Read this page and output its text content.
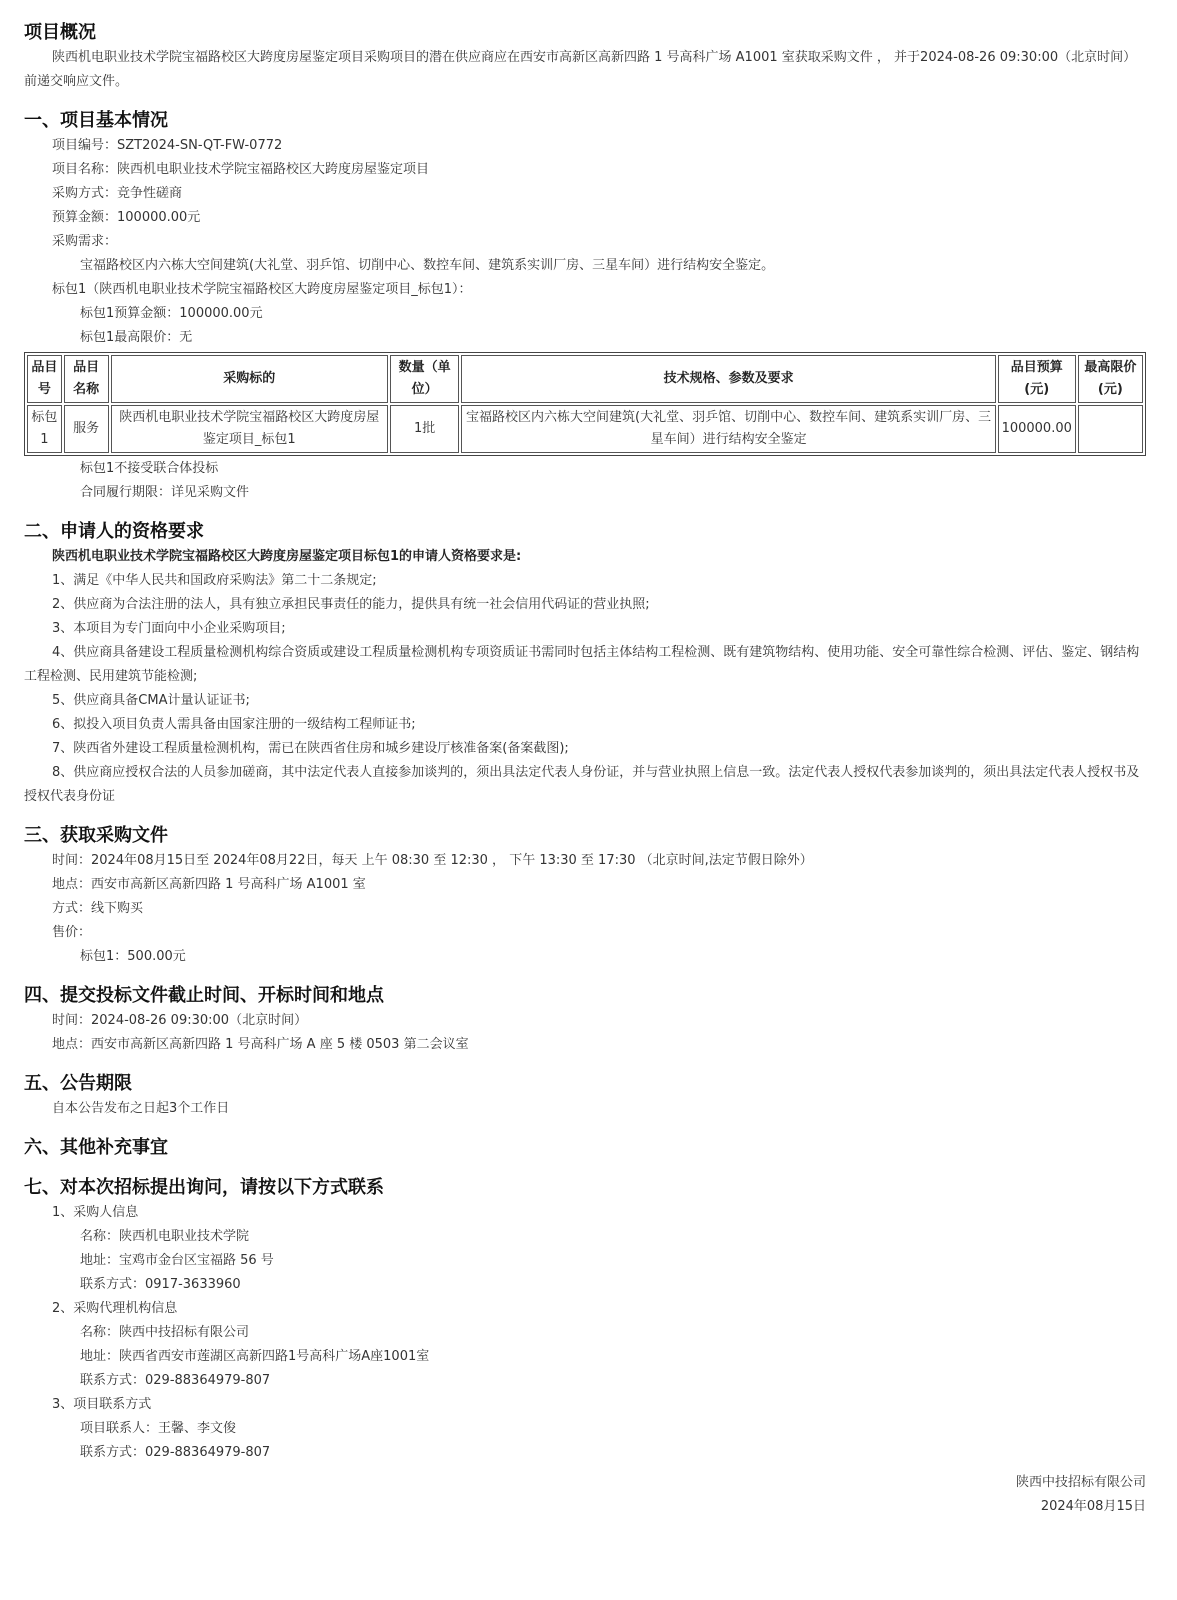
项目概况

陕西机电职业技术学院宝福路校区大跨度房屋鉴定项目采购项目的潜在供应商应在西安市高新区高新四路 1 号高科广场 A1001 室获取采购文件 ， 并于2024-08-26 09:30:00（北京时间）前递交响应文件。

一、项目基本情况

项目编号：SZT2024-SN-QT-FW-0772

项目名称：陕西机电职业技术学院宝福路校区大跨度房屋鉴定项目

采购方式：竞争性磋商

预算金额：100000.00元

采购需求：

宝福路校区内六栋大空间建筑(大礼堂、羽乒馆、切削中心、数控车间、建筑系实训厂房、三星车间）进行结构安全鉴定。

标包1（陕西机电职业技术学院宝福路校区大跨度房屋鉴定项目_标包1）：

标包1预算金额：100000.00元

标包1最高限价：无

品目号	品目名称	采购标的	数量（单位）	技术规格、参数及要求	品目预算(元)	最高限价(元)
标包1	服务	陕西机电职业技术学院宝福路校区大跨度房屋鉴定项目_标包1	1批	宝福路校区内六栋大空间建筑(大礼堂、羽乒馆、切削中心、数控车间、建筑系实训厂房、三星车间）进行结构安全鉴定	100000.00	

标包1不接受联合体投标

合同履行期限：详见采购文件

二、申请人的资格要求

陕西机电职业技术学院宝福路校区大跨度房屋鉴定项目标包1的申请人资格要求是:

1、满足《中华人民共和国政府采购法》第二十二条规定;

2、供应商为合法注册的法人，具有独立承担民事责任的能力，提供具有统一社会信用代码证的营业执照;

3、本项目为专门面向中小企业采购项目;

4、供应商具备建设工程质量检测机构综合资质或建设工程质量检测机构专项资质证书需同时包括主体结构工程检测、既有建筑物结构、使用功能、安全可靠性综合检测、评估、鉴定、钢结构工程检测、民用建筑节能检测;

5、供应商具备CMA计量认证证书;

6、拟投入项目负责人需具备由国家注册的一级结构工程师证书;

7、陕西省外建设工程质量检测机构，需已在陕西省住房和城乡建设厅核准备案(备案截图);

8、供应商应授权合法的人员参加磋商，其中法定代表人直接参加谈判的，须出具法定代表人身份证，并与营业执照上信息一致。法定代表人授权代表参加谈判的，须出具法定代表人授权书及授权代表身份证

三、获取采购文件

时间：2024年08月15日至 2024年08月22日，每天 上午 08:30 至 12:30 ， 下午 13:30 至 17:30 （北京时间,法定节假日除外）

地点：西安市高新区高新四路 1 号高科广场 A1001 室

方式：线下购买

售价：

标包1：500.00元

四、提交投标文件截止时间、开标时间和地点

时间：2024-08-26 09:30:00（北京时间）

地点：西安市高新区高新四路 1 号高科广场 A 座 5 楼 0503 第二会议室

五、公告期限

自本公告发布之日起3个工作日

六、其他补充事宜
七、对本次招标提出询问，请按以下方式联系

1、采购人信息

名称：陕西机电职业技术学院

地址：宝鸡市金台区宝福路 56 号

联系方式：0917-3633960

2、采购代理机构信息

名称：陕西中技招标有限公司

地址：陕西省西安市莲湖区高新四路1号高科广场A座1001室

联系方式：029-88364979-807

3、项目联系方式

项目联系人：王馨、李文俊

联系方式：029-88364979-807

陕西中技招标有限公司

2024年08月15日
